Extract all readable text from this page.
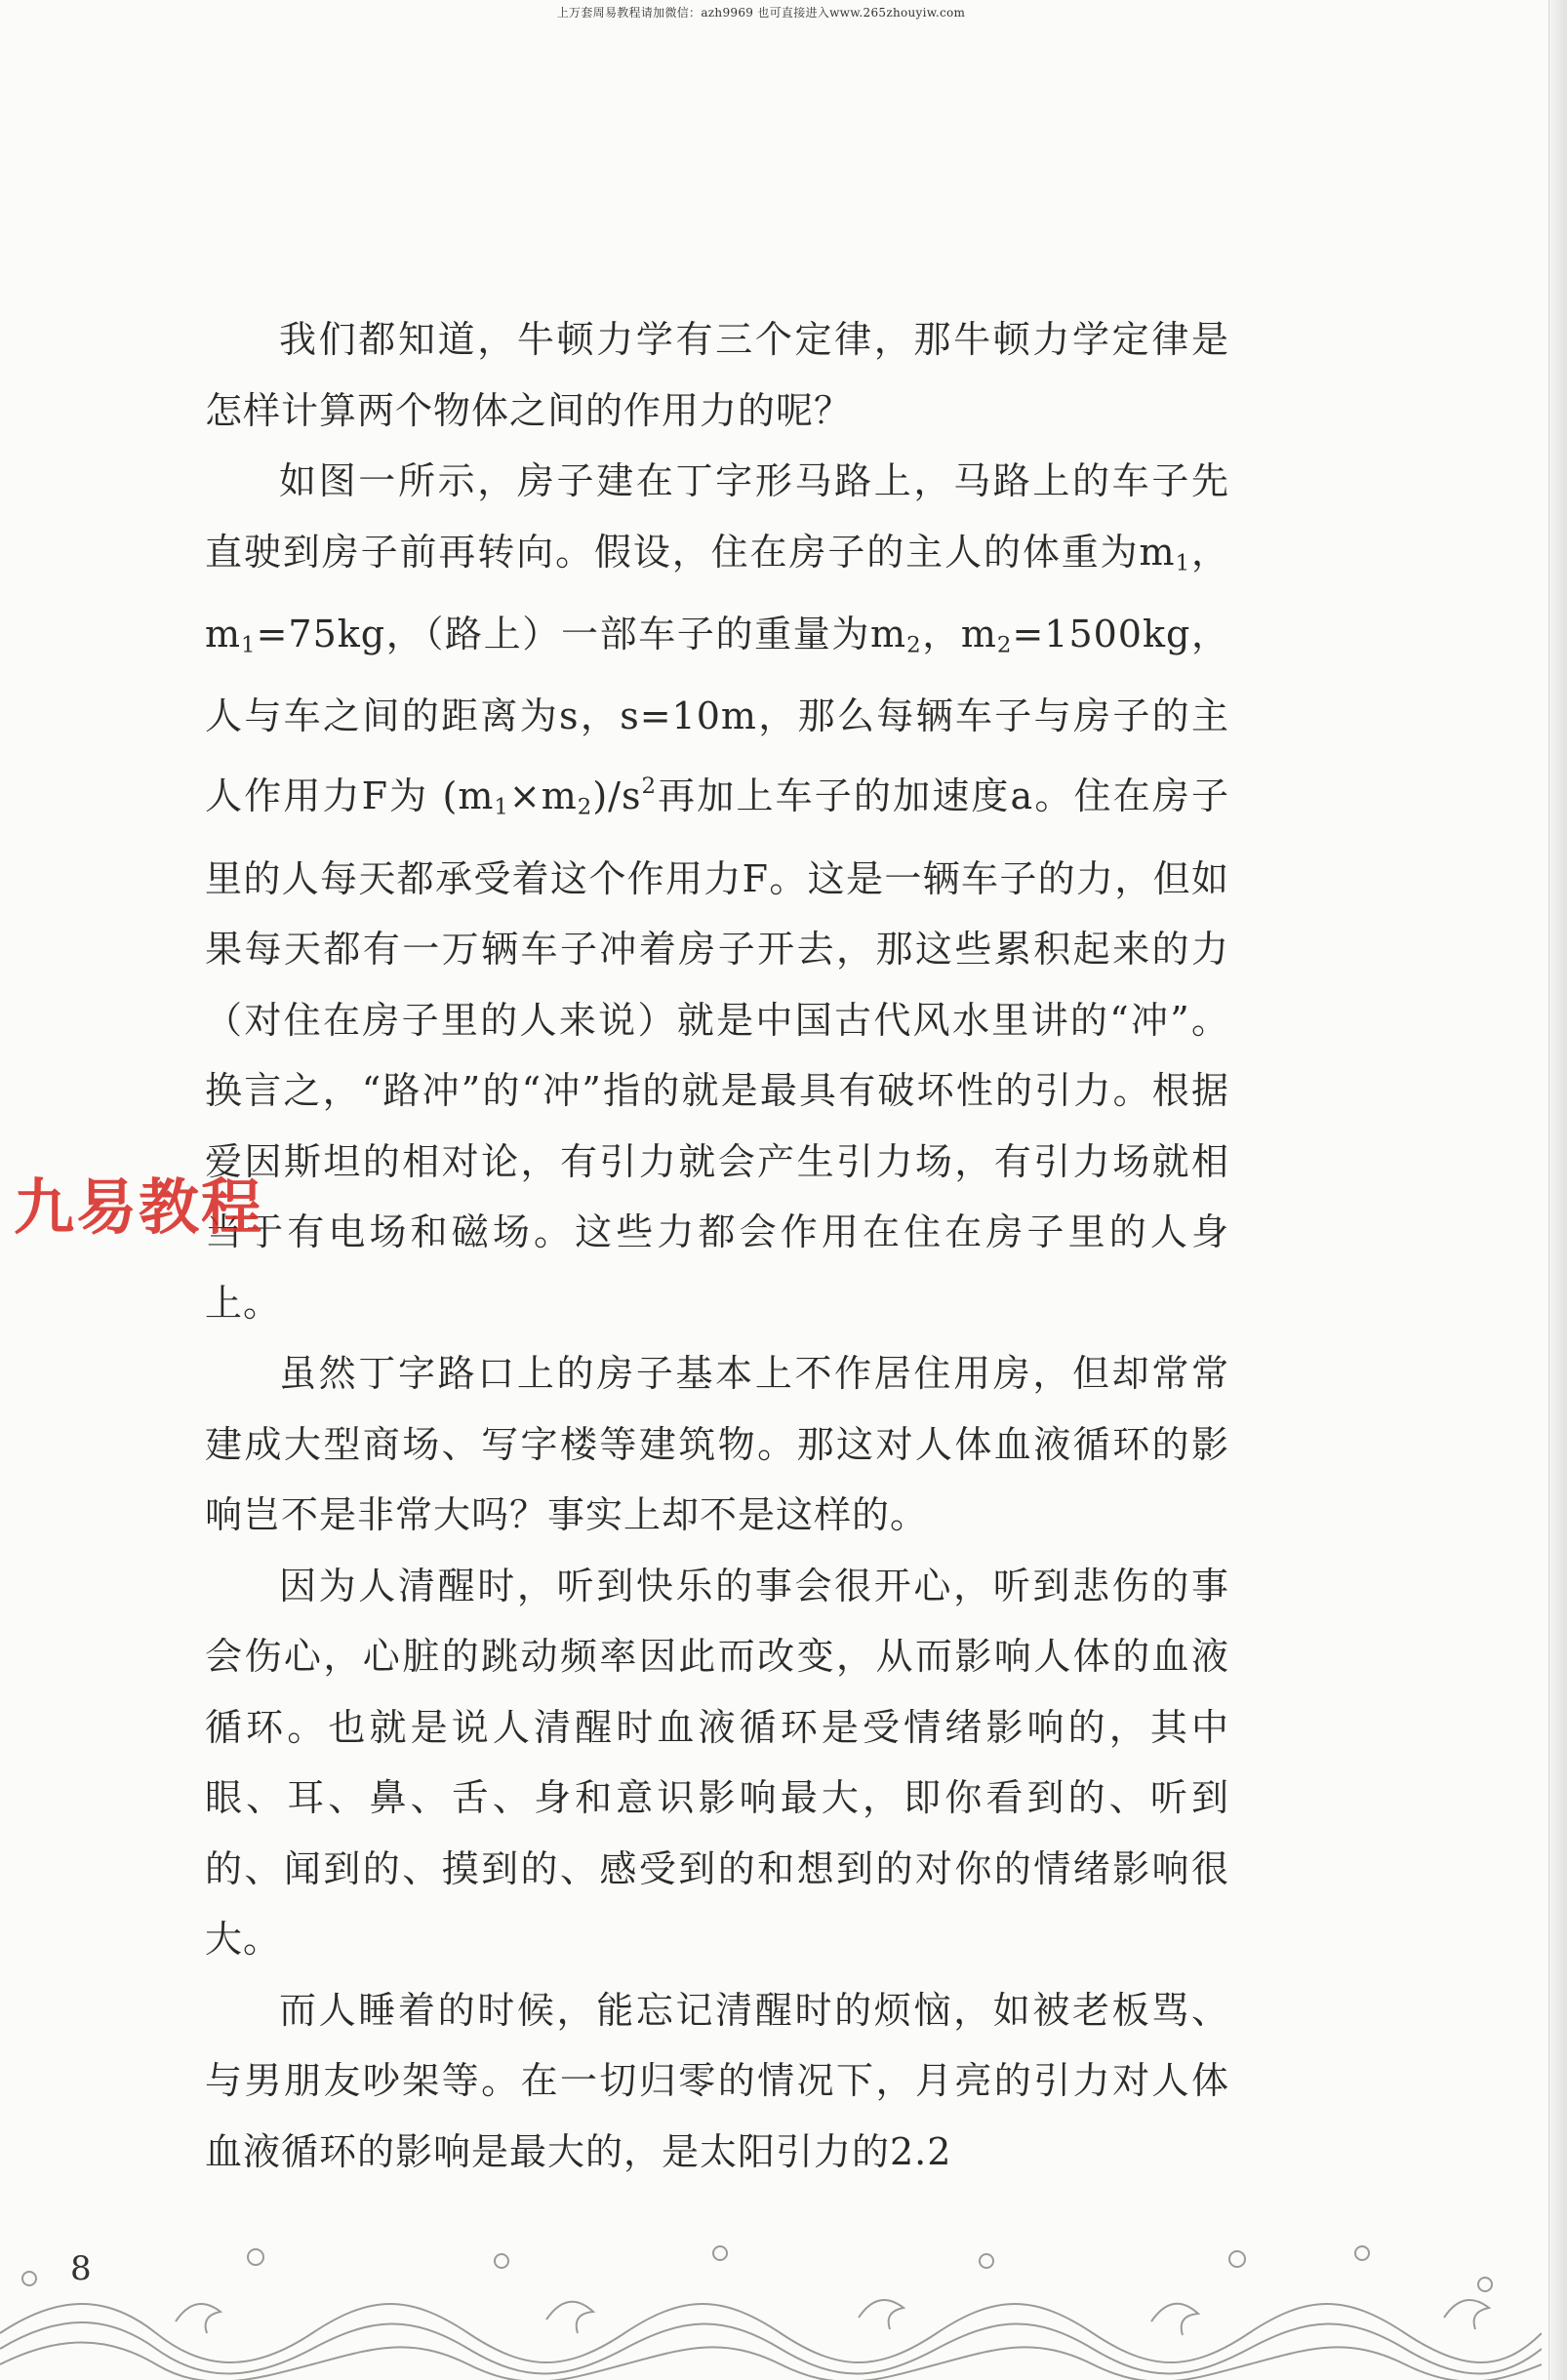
上万套周易教程请加微信：azh9969 也可直接进入www.265zhouyiw.com

我们都知道，牛顿力学有三个定律，那牛顿力学定律是怎样计算两个物体之间的作用力的呢？

如图一所示，房子建在丁字形马路上，马路上的车子先直驶到房子前再转向。假设，住在房子的主人的体重为$m_1$，$m_1=75kg$，（路上）一部车子的重量为$m_2$，$m_2=1500kg$，人与车之间的距离为s，s=10m，那么每辆车子与房子的主人作用力F为 $(m_1\times m_2)/s^2$再加上车子的加速度a。住在房子里的人每天都承受着这个作用力F。这是一辆车子的力，但如果每天都有一万辆车子冲着房子开去，那这些累积起来的力（对住在房子里的人来说）就是中国古代风水里讲的“冲”。换言之，“路冲”的“冲”指的就是最具有破坏性的引力。根据爱因斯坦的相对论，有引力就会产生引力场，有引力场就相当于有电场和磁场。这些力都会作用在住在房子里的人身上。

虽然丁字路口上的房子基本上不作居住用房，但却常常建成大型商场、写字楼等建筑物。那这对人体血液循环的影响岂不是非常大吗？事实上却不是这样的。

因为人清醒时，听到快乐的事会很开心，听到悲伤的事会伤心，心脏的跳动频率因此而改变，从而影响人体的血液循环。也就是说人清醒时血液循环是受情绪影响的，其中眼、耳、鼻、舌、身和意识影响最大，即你看到的、听到的、闻到的、摸到的、感受到的和想到的对你的情绪影响很大。

而人睡着的时候，能忘记清醒时的烦恼，如被老板骂、与男朋友吵架等。在一切归零的情况下，月亮的引力对人体血液循环的影响是最大的，是太阳引力的2.2

九易教程
8
